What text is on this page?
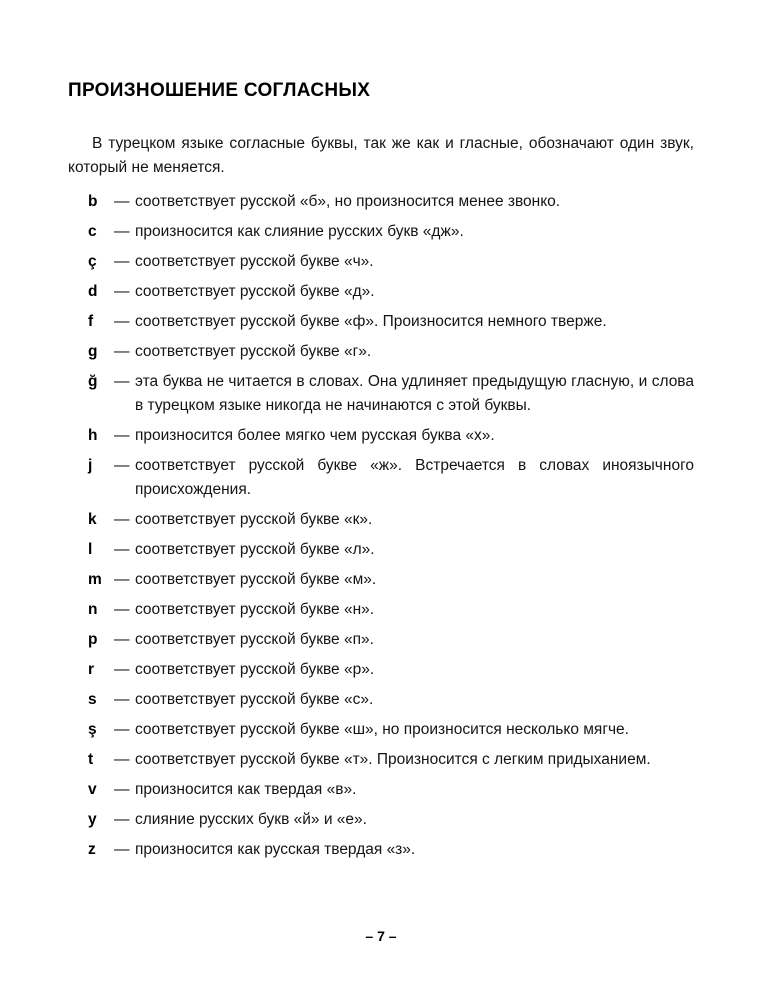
ПРОИЗНОШЕНИЕ СОГЛАСНЫХ

В турецком языке согласные буквы, так же как и гласные, обозначают один звук, который не меняется.

b	— соответствует русской «б», но произносится менее звонко.
c	— произносится как слияние русских букв «дж».
ç	— соответствует русской букве «ч».
d	— соответствует русской букве «д».
f	— соответствует русской букве «ф». Произносится немного тверже.
g	— соответствует русской букве «г».
ğ	— эта буква не читается в словах. Она удлиняет предыдущую гласную, и слова в турецком языке никогда не начинаются с этой буквы.
h	— произносится более мягко чем русская буква «х».
j	— соответствует русской букве «ж». Встречается в словах иноязычного происхождения.
k	— соответствует русской букве «к».
l	— соответствует русской букве «л».
m — соответствует русской букве «м».
n	— соответствует русской букве «н».
p	— соответствует русской букве «п».
r	— соответствует русской букве «р».
s	— соответствует русской букве «с».
ş	— соответствует русской букве «ш», но произносится несколько мягче.
t	— соответствует русской букве «т». Произносится с легким придыханием.
v	— произносится как твердая «в».
y	— слияние русских букв «й» и «е».
z	— произносится как русская твердая «з».
– 7 –
